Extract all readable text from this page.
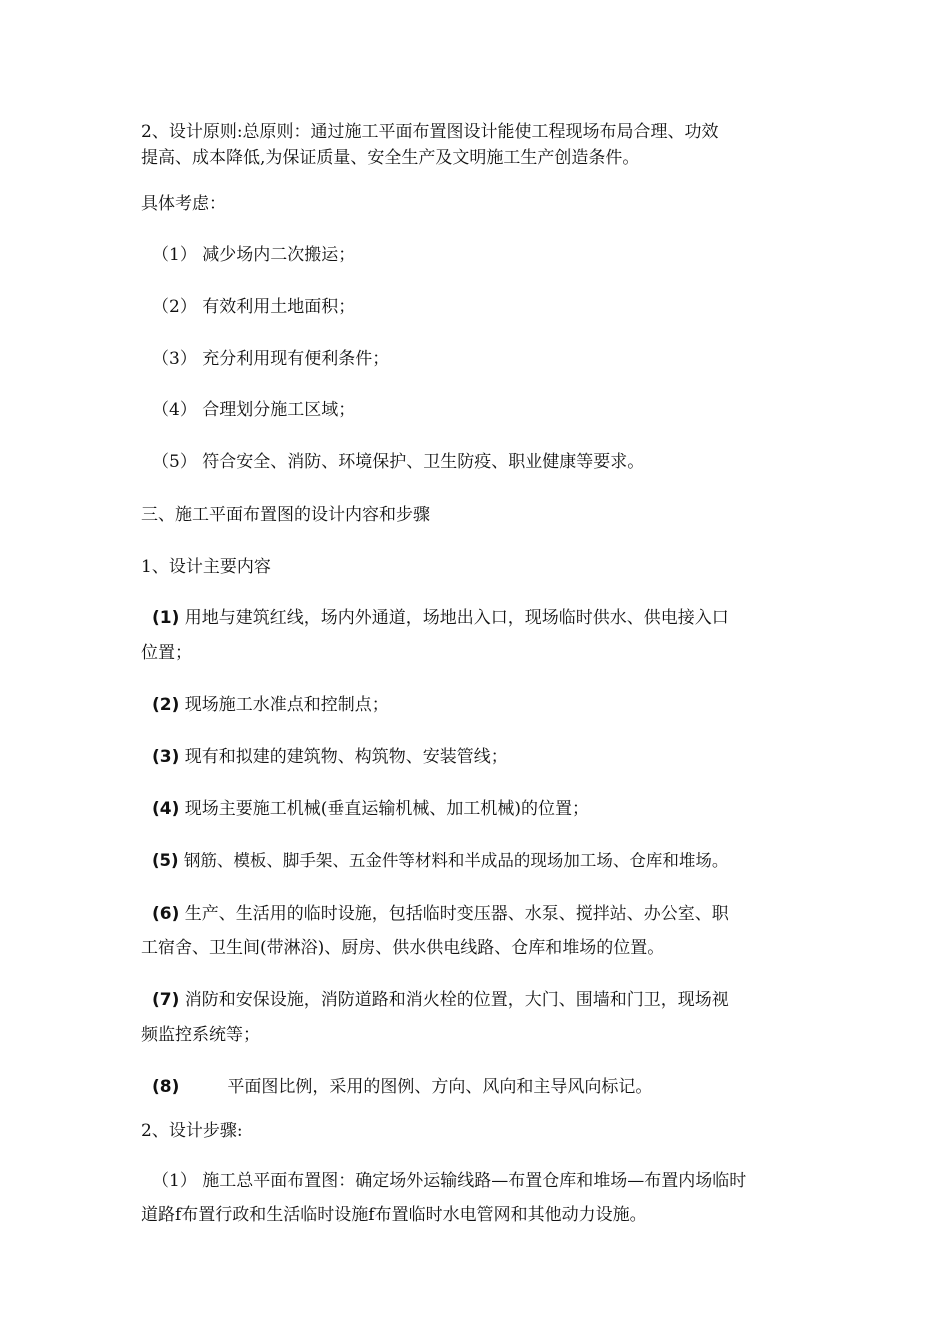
2、设计原则:总原则：通过施工平面布置图设计能使工程现场布局合理、功效

提高、成本降低,为保证质量、安全生产及文明施工生产创造条件。

具体考虑：

（1） 减少场内二次搬运；

（2） 有效利用土地面积；

（3） 充分利用现有便利条件；

（4） 合理划分施工区域；

（5） 符合安全、消防、环境保护、卫生防疫、职业健康等要求。

三、施工平面布置图的设计内容和步骤

1、设计主要内容

(1) 用地与建筑红线，场内外通道，场地出入口，现场临时供水、供电接入口

位置；

(2) 现场施工水准点和控制点；

(3) 现有和拟建的建筑物、构筑物、安装管线；

(4) 现场主要施工机械(垂直运输机械、加工机械)的位置；

(5) 钢筋、模板、脚手架、五金件等材料和半成品的现场加工场、仓库和堆场。

(6) 生产、生活用的临时设施，包括临时变压器、水泵、搅拌站、办公室、职

工宿舍、卫生间(带淋浴)、厨房、供水供电线路、仓库和堆场的位置。

(7) 消防和安保设施，消防道路和消火栓的位置，大门、围墙和门卫，现场视

频监控系统等；

(8)	平面图比例，采用的图例、方向、风向和主导风向标记。

2、设计步骤:

（1） 施工总平面布置图：确定场外运输线路—布置仓库和堆场—布置内场临时

道路f布置行政和生活临时设施f布置临时水电管网和其他动力设施。
